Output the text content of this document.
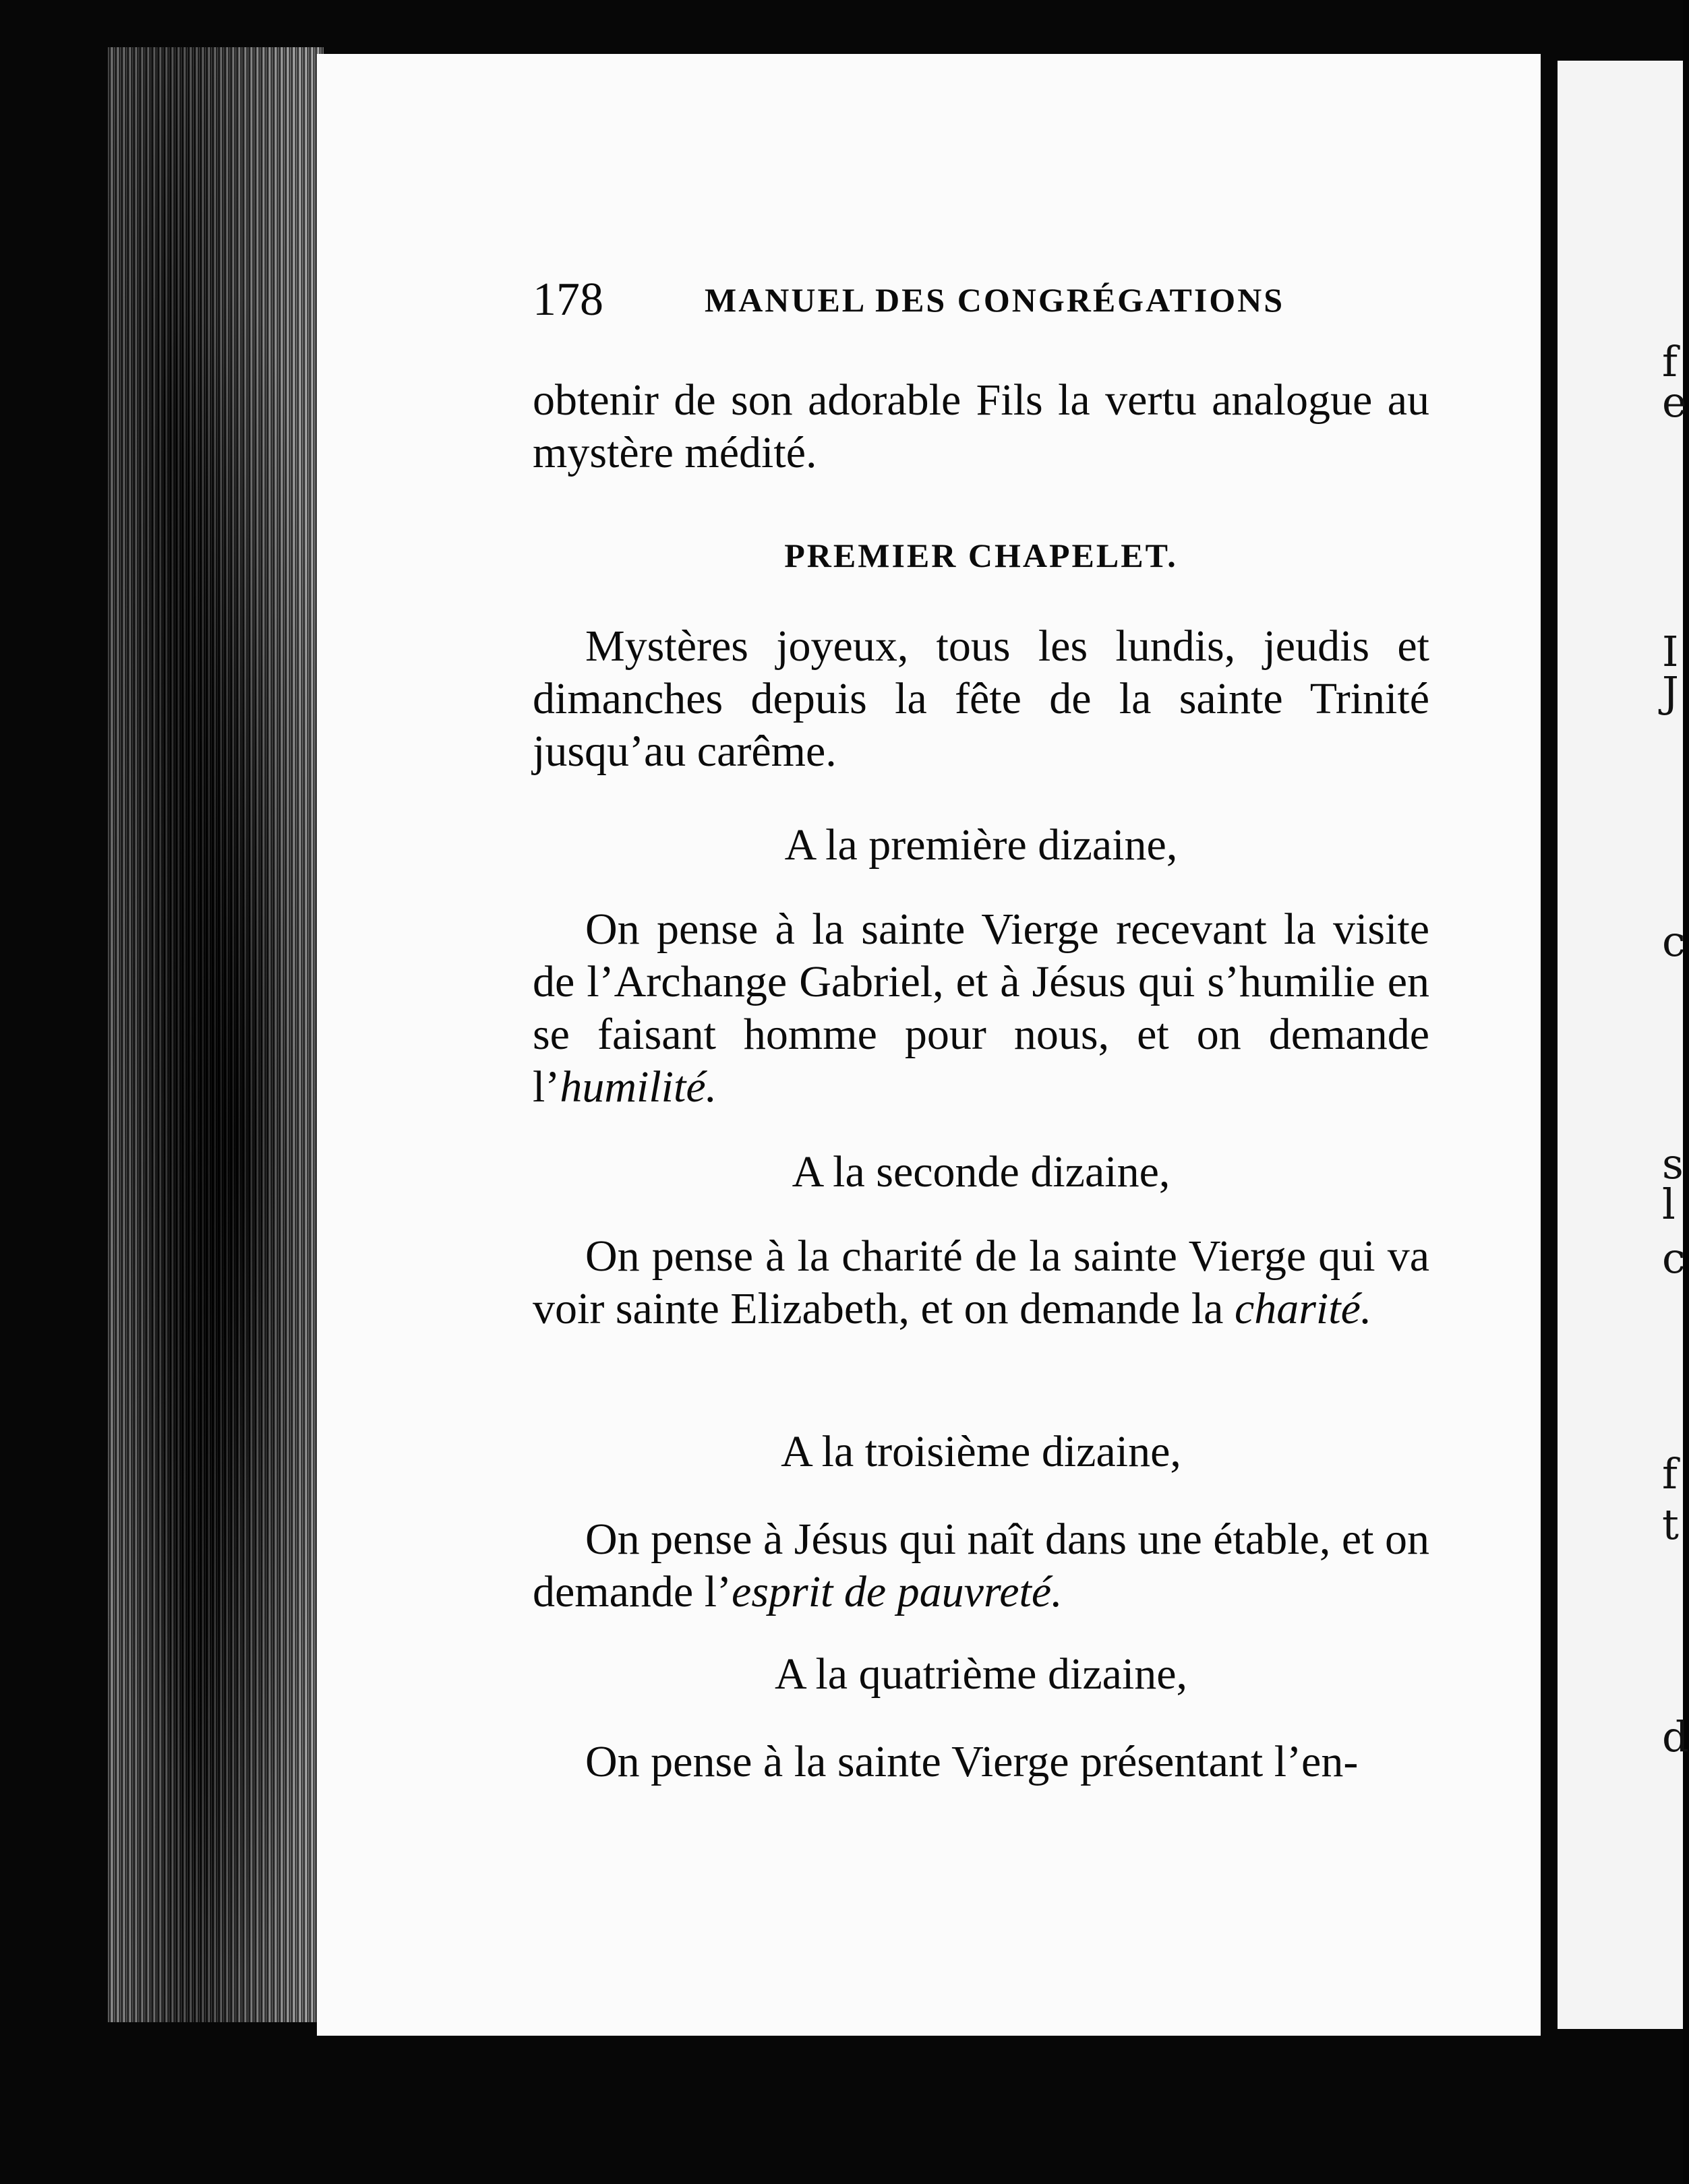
f
e
I
J
c
s
l
c
f
t
d
178	MANUEL DES CONGRÉGATIONS
obtenir de son adorable Fils la vertu analogue au mystère médité.
PREMIER CHAPELET.
Mystères joyeux, tous les lundis, jeudis et dimanches depuis la fête de la sainte Trinité jusqu’au carême.
A la première dizaine,
On pense à la sainte Vierge recevant la visite de l’Archange Gabriel, et à Jésus qui s’humilie en se faisant homme pour nous, et on demande l’humilité.
A la seconde dizaine,
On pense à la charité de la sainte Vierge qui va voir sainte Elizabeth, et on demande la charité.
A la troisième dizaine,
On pense à Jésus qui naît dans une étable, et on demande l’esprit de pauvreté.
A la quatrième dizaine,
On pense à la sainte Vierge présentant l’en-
